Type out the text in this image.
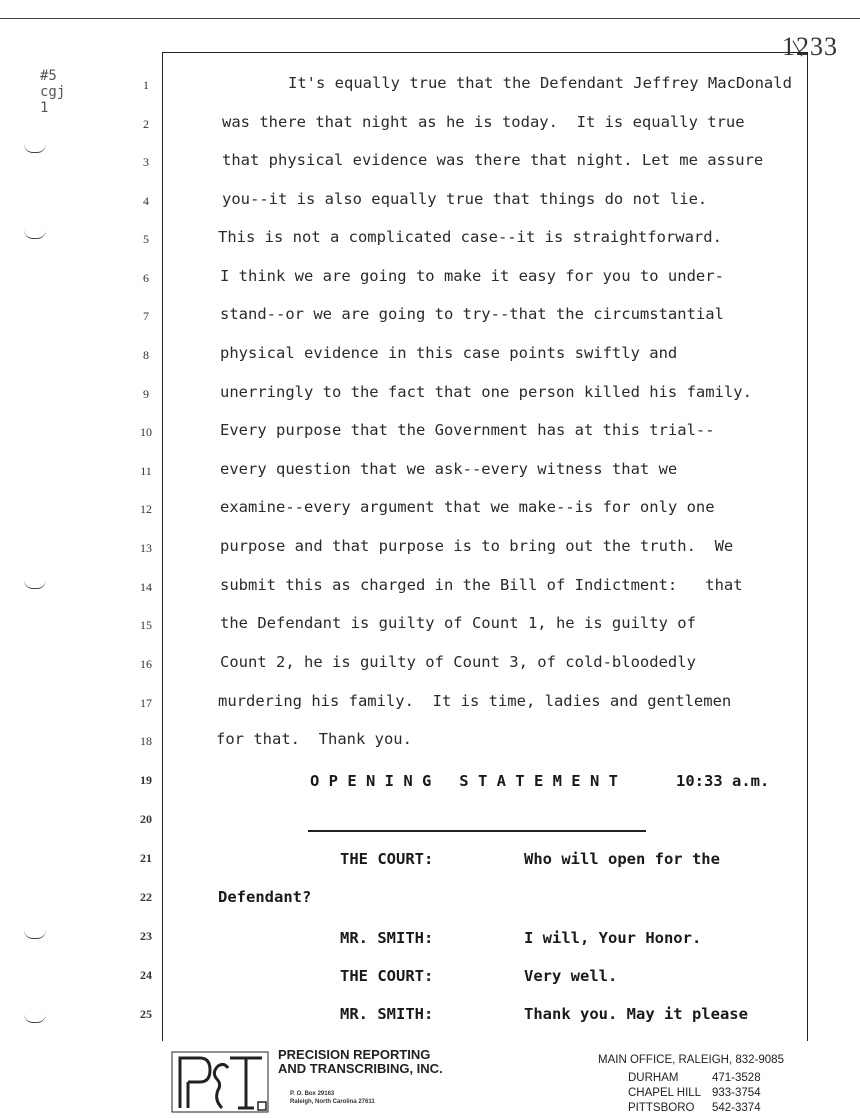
1233
#5
cgj
1
1
2
3
4
5
6
7
8
9
10
11
12
13
14
15
16
17
18
19
20
21
22
23
24
25
It's equally true that the Defendant Jeffrey MacDonald
was there that night as he is today.  It is equally true
that physical evidence was there that night. Let me assure
you--it is also equally true that things do not lie.
This is not a complicated case--it is straightforward.
I think we are going to make it easy for you to under-
stand--or we are going to try--that the circumstantial
physical evidence in this case points swiftly and
unerringly to the fact that one person killed his family.
Every purpose that the Government has at this trial--
every question that we ask--every witness that we
examine--every argument that we make--is for only one
purpose and that purpose is to bring out the truth.  We
submit this as charged in the Bill of Indictment:   that
the Defendant is guilty of Count 1, he is guilty of
Count 2, he is guilty of Count 3, of cold-bloodedly
murdering his family.  It is time, ladies and gentlemen
for that.  Thank you.
O P E N I N G   S T A T E M E N T	10:33 a.m.
THE COURT:	Who will open for the
Defendant?
MR. SMITH:	I will, Your Honor.
THE COURT:	Very well.
MR. SMITH:	Thank you. May it please
PRECISION REPORTING
AND TRANSCRIBING, INC.
P. O. Box 29163
Raleigh, North Carolina 27611
MAIN OFFICE, RALEIGH, 832-9085
DURHAM	471-3528
CHAPEL HILL 933-3754
PITTSBORO 542-3374
